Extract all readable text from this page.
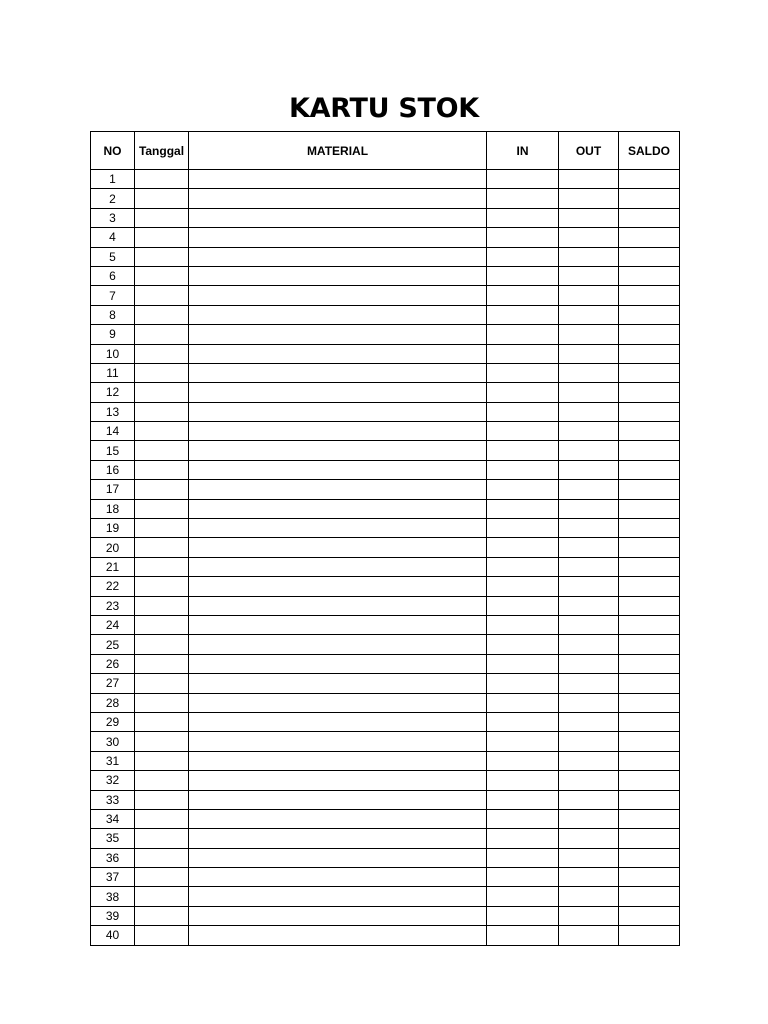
KARTU STOK
NO	Tanggal	MATERIAL	IN	OUT	SALDO
1					
2					
3					
4					
5					
6					
7					
8					
9					
10					
11					
12					
13					
14					
15					
16					
17					
18					
19					
20					
21					
22					
23					
24					
25					
26					
27					
28					
29					
30					
31					
32					
33					
34					
35					
36					
37					
38					
39					
40					
